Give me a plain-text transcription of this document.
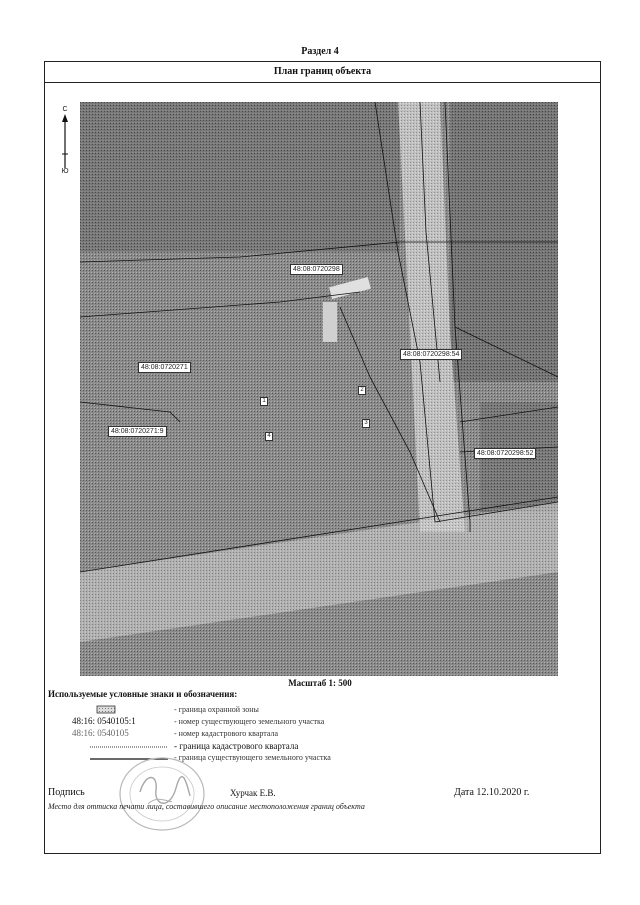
Раздел 4
План границ объекта
С
Ю
48:08:0720298
48:08:0720298:54
48:08:0720271
48:08:0720271:9
48:08:0720298:52
1
2
3
4
Масштаб 1: 500
Используемые условные знаки и обозначения:
- граница охранной зоны
48:16: 0540105:1	- номер существующего земельного участка
48:16: 0540105	- номер кадастрового квартала
- граница кадастрового квартала
- граница существующего земельного участка
Подпись	Хурчак Е.В.	Дата 12.10.2020 г.
Место для оттиска печати лица, составившего описание местоположения границ объекта
